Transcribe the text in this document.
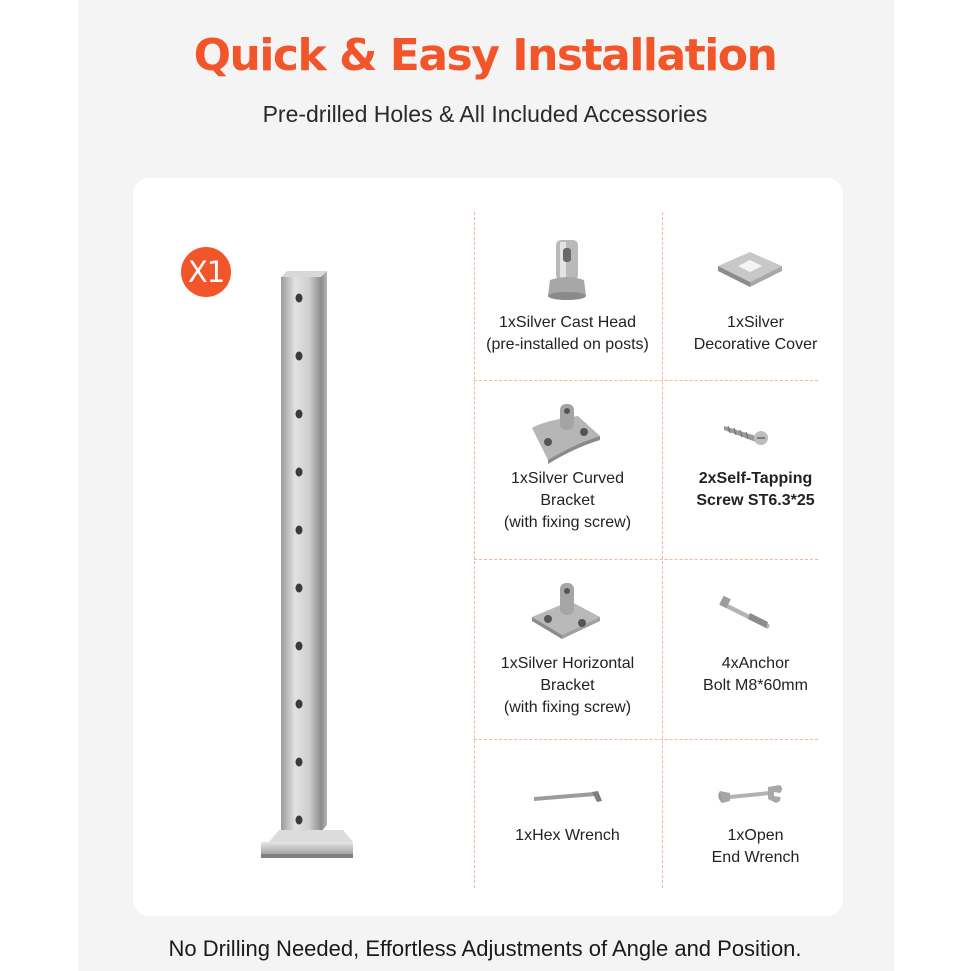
Quick & Easy Installation
Pre-drilled Holes & All Included Accessories
X1
1xSilver Cast Head
(pre-installed on posts)
1xSilver
Decorative Cover
1xSilver Curved
Bracket
(with fixing screw)
2xSelf-Tapping
Screw ST6.3*25
1xSilver Horizontal
Bracket
(with fixing screw)
4xAnchor
Bolt M8*60mm
1xHex Wrench	1xOpen
End Wrench
No Drilling Needed, Effortless Adjustments of Angle and Position.
